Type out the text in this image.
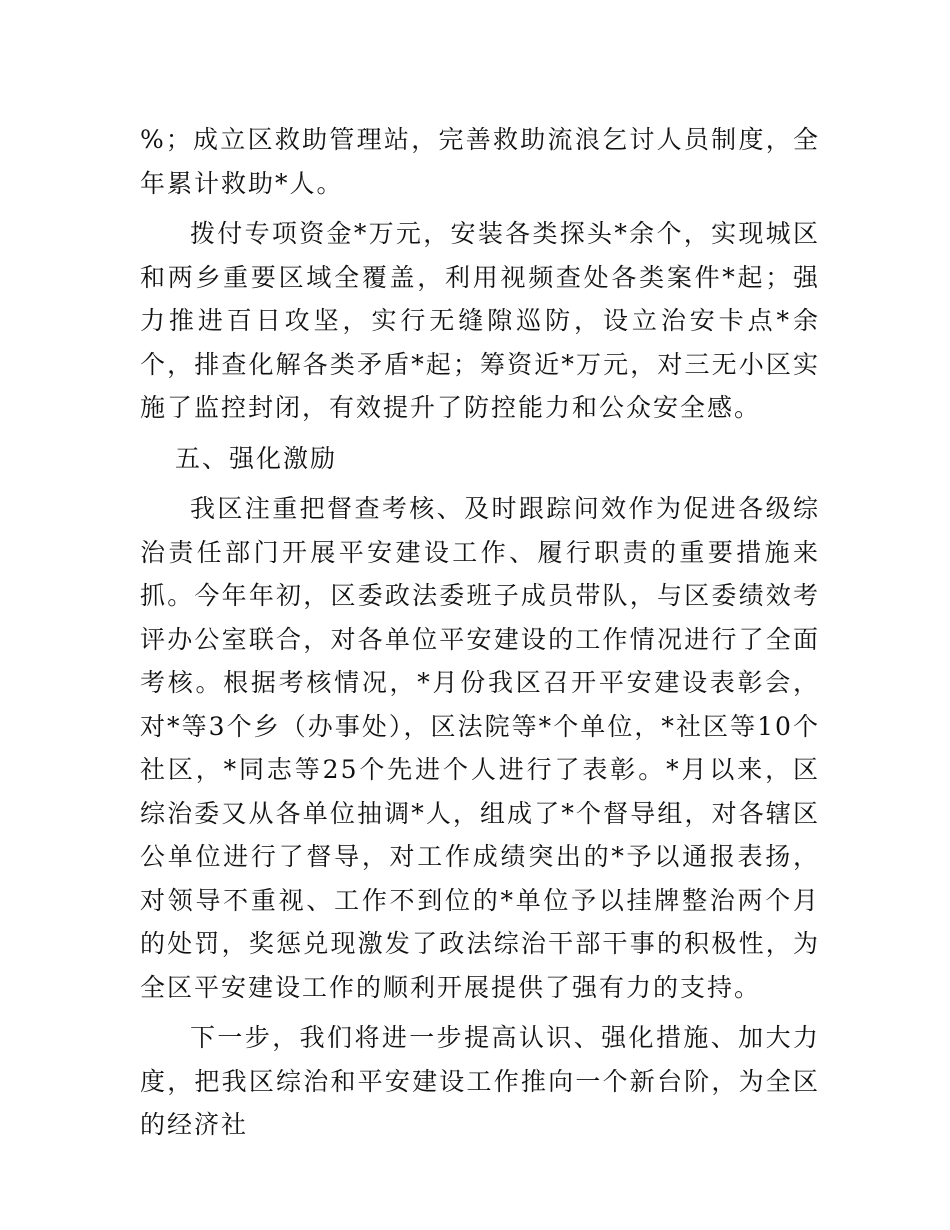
%；成立区救助管理站，完善救助流浪乞讨人员制度，全年累计救助*人。

拨付专项资金*万元，安装各类探头*余个，实现城区和两乡重要区域全覆盖，利用视频查处各类案件*起；强力推进百日攻坚，实行无缝隙巡防，设立治安卡点*余个，排查化解各类矛盾*起；筹资近*万元，对三无小区实施了监控封闭，有效提升了防控能力和公众安全感。

五、强化激励

我区注重把督查考核、及时跟踪问效作为促进各级综治责任部门开展平安建设工作、履行职责的重要措施来抓。今年年初，区委政法委班子成员带队，与区委绩效考评办公室联合，对各单位平安建设的工作情况进行了全面考核。根据考核情况，*月份我区召开平安建设表彰会，对*等3个乡（办事处），区法院等*个单位，*社区等10个社区，*同志等25个先进个人进行了表彰。*月以来，区综治委又从各单位抽调*人，组成了*个督导组，对各辖区公单位进行了督导，对工作成绩突出的*予以通报表扬，对领导不重视、工作不到位的*单位予以挂牌整治两个月的处罚，奖惩兑现激发了政法综治干部干事的积极性，为全区平安建设工作的顺利开展提供了强有力的支持。

下一步，我们将进一步提高认识、强化措施、加大力度，把我区综治和平安建设工作推向一个新台阶，为全区的经济社
